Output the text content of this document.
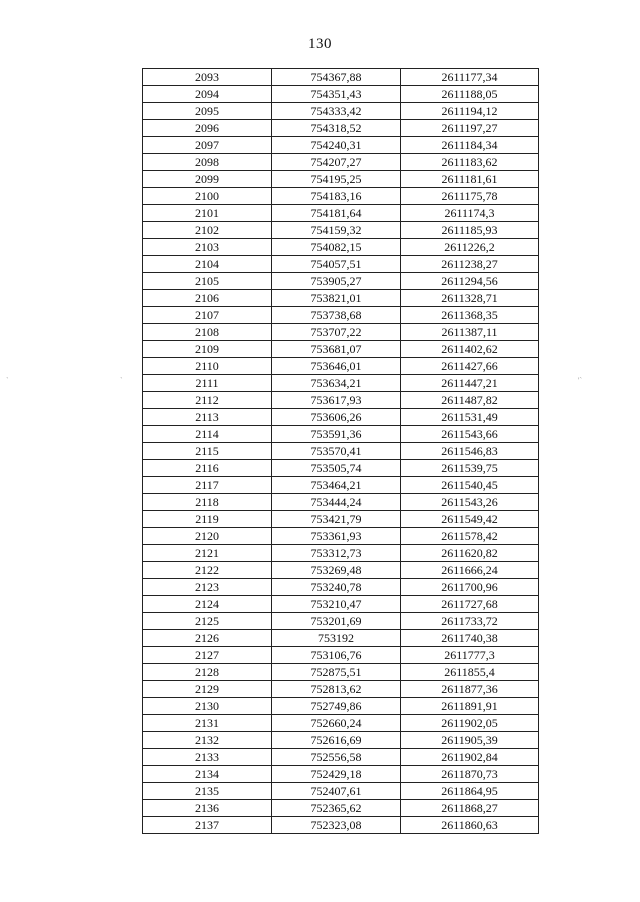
130
2093	754367,88	2611177,34
2094	754351,43	2611188,05
2095	754333,42	2611194,12
2096	754318,52	2611197,27
2097	754240,31	2611184,34
2098	754207,27	2611183,62
2099	754195,25	2611181,61
2100	754183,16	2611175,78
2101	754181,64	2611174,3
2102	754159,32	2611185,93
2103	754082,15	2611226,2
2104	754057,51	2611238,27
2105	753905,27	2611294,56
2106	753821,01	2611328,71
2107	753738,68	2611368,35
2108	753707,22	2611387,11
2109	753681,07	2611402,62
2110	753646,01	2611427,66
2111	753634,21	2611447,21
2112	753617,93	2611487,82
2113	753606,26	2611531,49
2114	753591,36	2611543,66
2115	753570,41	2611546,83
2116	753505,74	2611539,75
2117	753464,21	2611540,45
2118	753444,24	2611543,26
2119	753421,79	2611549,42
2120	753361,93	2611578,42
2121	753312,73	2611620,82
2122	753269,48	2611666,24
2123	753240,78	2611700,96
2124	753210,47	2611727,68
2125	753201,69	2611733,72
2126	753192	2611740,38
2127	753106,76	2611777,3
2128	752875,51	2611855,4
2129	752813,62	2611877,36
2130	752749,86	2611891,91
2131	752660,24	2611902,05
2132	752616,69	2611905,39
2133	752556,58	2611902,84
2134	752429,18	2611870,73
2135	752407,61	2611864,95
2136	752365,62	2611868,27
2137	752323,08	2611860,63
`	`	'`
